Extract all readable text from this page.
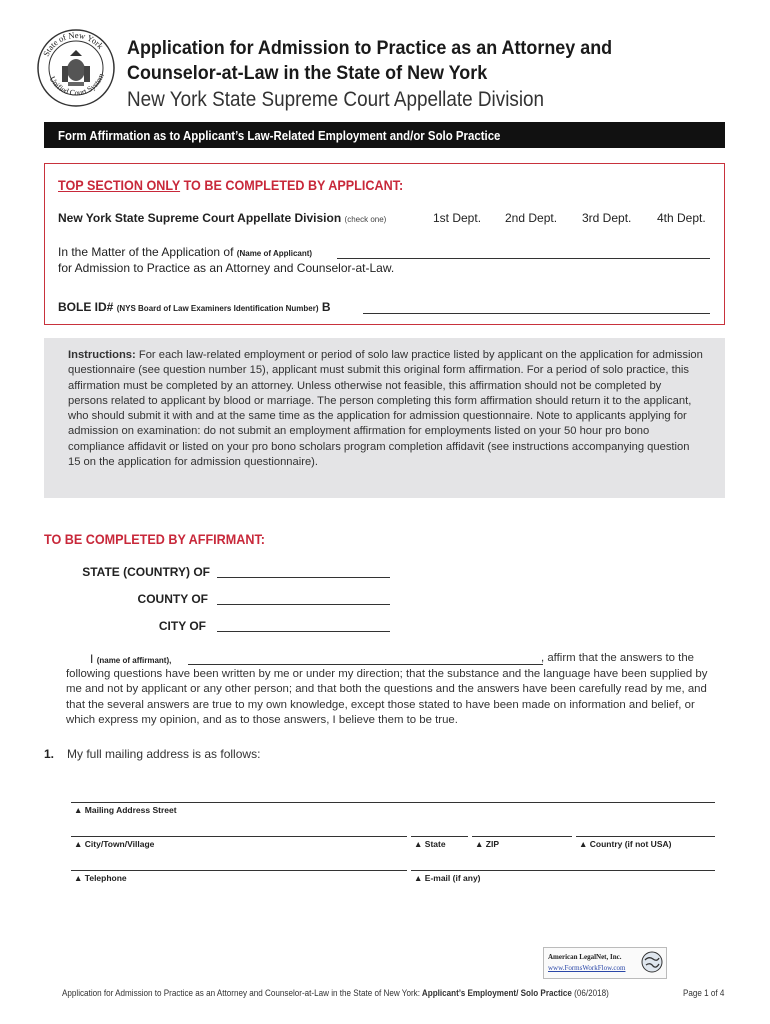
State of New York
Unified Court System
Application for Admission to Practice as an Attorney and
Counselor-at-Law in the State of New York
New York State Supreme Court Appellate Division
Form Affirmation as to Applicant’s Law-Related Employment and/or Solo Practice
TOP SECTION ONLY TO BE COMPLETED BY APPLICANT:
New York State Supreme Court Appellate Division (check one)	1st Dept. 2nd Dept. 3rd Dept. 4th Dept.
In the Matter of the Application of (Name of Applicant)
for Admission to Practice as an Attorney and Counselor-at-Law.
BOLE ID# (NYS Board of Law Examiners Identification Number) B

Instructions: For each law-related employment or period of solo law practice listed by applicant on the application for admission questionnaire (see question number 15), applicant must submit this original form affirmation. For a period of solo practice, this affirmation must be completed by an attorney. Unless otherwise not feasible, this affirmation should not be completed by persons related to applicant by blood or marriage. The person completing this form affirmation should return it to the applicant, who should submit it with and at the same time as the application for admission questionnaire. Note to applicants applying for admission on examination: do not submit an employment affirmation for employments listed on your 50 hour pro bono compliance affidavit or listed on your pro bono scholars program completion affidavit (see instructions accompanying question 15 on the application for admission questionnaire).

TO BE COMPLETED BY AFFIRMANT:
STATE (COUNTRY) OF
COUNTY OF
CITY OF
I (name of affirmant),	, affirm that the answers to the
following questions have been written by me or under my direction; that the substance and the language have been supplied by me and not by applicant or any other person; and that both the questions and the answers have been carefully read by me, and that the several answers are true to my own knowledge, except those stated to have been made on information and belief, or which express my opinion, and as to those answers, I believe them to be true.
1. My full mailing address is as follows:
▲ Mailing Address Street
▲ City/Town/Village	▲ State	▲ ZIP	▲ Country (if not USA)
▲ Telephone	▲ E-mail (if any)
American LegalNet, Inc.
www.FormsWorkFlow.com
Application for Admission to Practice as an Attorney and Counselor-at-Law in the State of New York: Applicant’s Employment/ Solo Practice (06/2018)	Page 1 of 4
